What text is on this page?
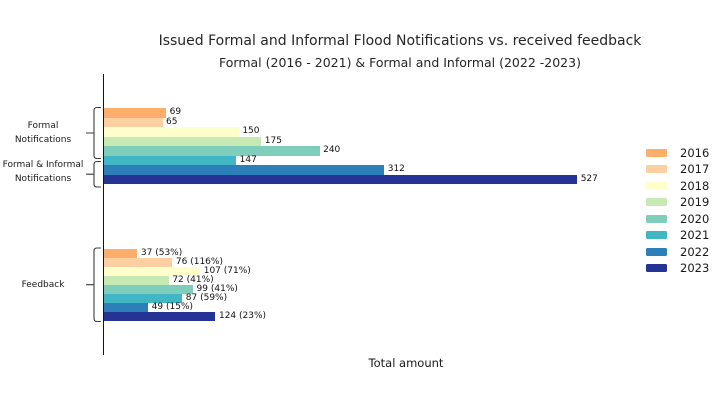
Issued Formal and Informal Flood Notifications vs. received feedback
Formal (2016 - 2021) & Formal and Informal (2022 -2023)
Formal
Notifications
Formal & Informal
Notifications
Feedback
69
65
150
175
240
147
312
527
37 (53%)
76 (116%)
107 (71%)
72 (41%)
99 (41%)
87 (59%)
49 (15%)
124 (23%)
2016
2017
2018
2019
2020
2021
2022
2023
Total amount
